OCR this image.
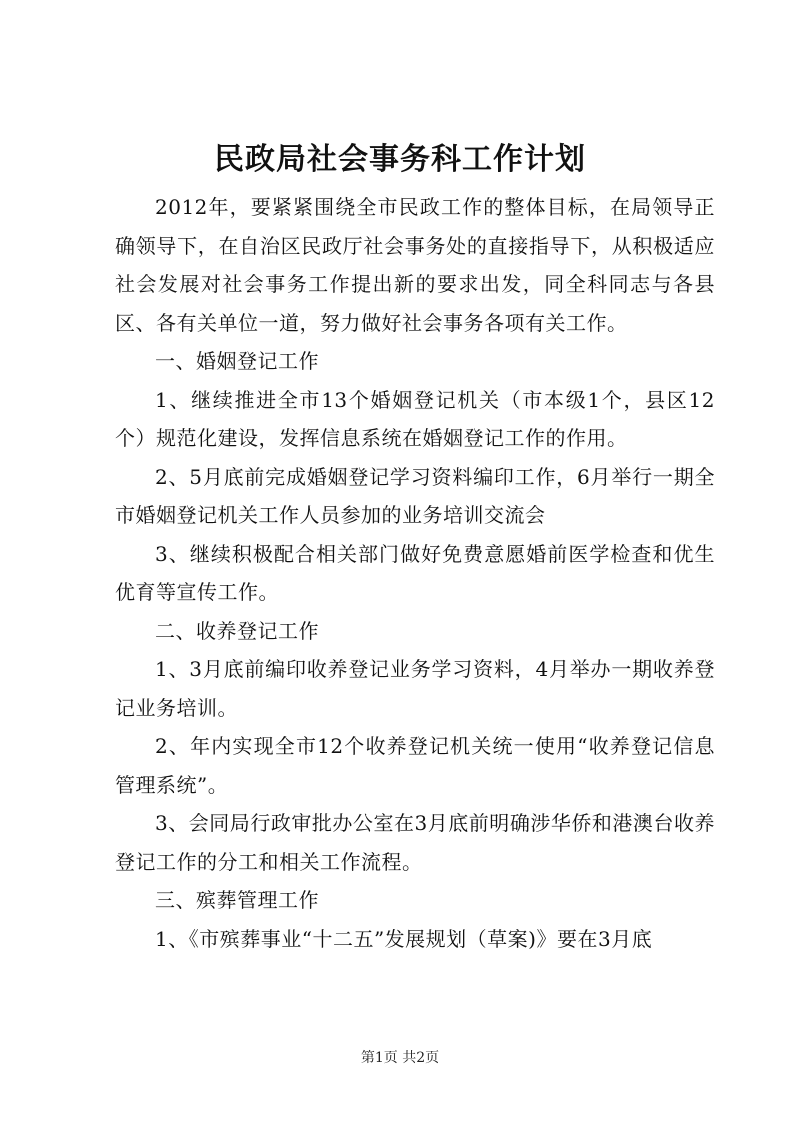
民政局社会事务科工作计划

2012年，要紧紧围绕全市民政工作的整体目标，在局领导正确领导下，在自治区民政厅社会事务处的直接指导下，从积极适应社会发展对社会事务工作提出新的要求出发，同全科同志与各县区、各有关单位一道，努力做好社会事务各项有关工作。

一、婚姻登记工作

1、继续推进全市13个婚姻登记机关（市本级1个，县区12个）规范化建设，发挥信息系统在婚姻登记工作的作用。

2、5月底前完成婚姻登记学习资料编印工作，6月举行一期全市婚姻登记机关工作人员参加的业务培训交流会

3、继续积极配合相关部门做好免费意愿婚前医学检查和优生优育等宣传工作。

二、收养登记工作

1、3月底前编印收养登记业务学习资料，4月举办一期收养登记业务培训。

2、年内实现全市12个收养登记机关统一使用“收养登记信息管理系统”。

3、会同局行政审批办公室在3月底前明确涉华侨和港澳台收养登记工作的分工和相关工作流程。

三、殡葬管理工作

1、《市殡葬事业“十二五”发展规划（草案)》要在3月底

第1页 共2页
